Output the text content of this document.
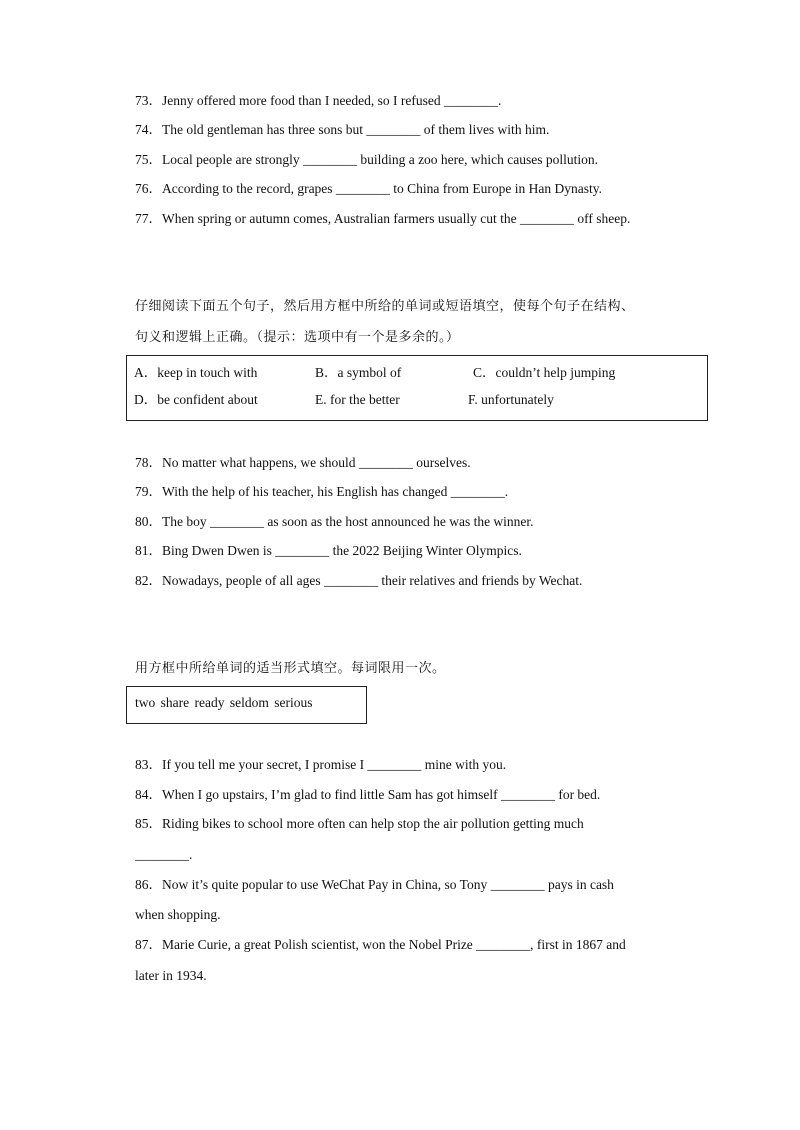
73．Jenny offered more food than I needed, so I refused ________.
74．The old gentleman has three sons but ________ of them lives with him.
75．Local people are strongly ________ building a zoo here, which causes pollution.
76．According to the record, grapes ________ to China from Europe in Han Dynasty.
77．When spring or autumn comes, Australian farmers usually cut the ________ off sheep.
仔细阅读下面五个句子，然后用方框中所给的单词或短语填空，使每个句子在结构、
句义和逻辑上正确。（提示：选项中有一个是多余的。）
A．keep in touch with	B．a symbol of	C．couldn’t help jumping
D．be confident about	E. for the better	F. unfortunately
78．No matter what happens, we should ________ ourselves.
79．With the help of his teacher, his English has changed ________.
80．The boy ________ as soon as the host announced he was the winner.
81．Bing Dwen Dwen is ________ the 2022 Beijing Winter Olympics.
82．Nowadays, people of all ages ________ their relatives and friends by Wechat.
用方框中所给单词的适当形式填空。每词限用一次。
two share ready seldom serious
83．If you tell me your secret, I promise I ________ mine with you.
84．When I go upstairs, I’m glad to find little Sam has got himself ________ for bed.
85．Riding bikes to school more often can help stop the air pollution getting much
________.
86．Now it’s quite popular to use WeChat Pay in China, so Tony ________ pays in cash
when shopping.
87．Marie Curie, a great Polish scientist, won the Nobel Prize ________, first in 1867 and
later in 1934.
